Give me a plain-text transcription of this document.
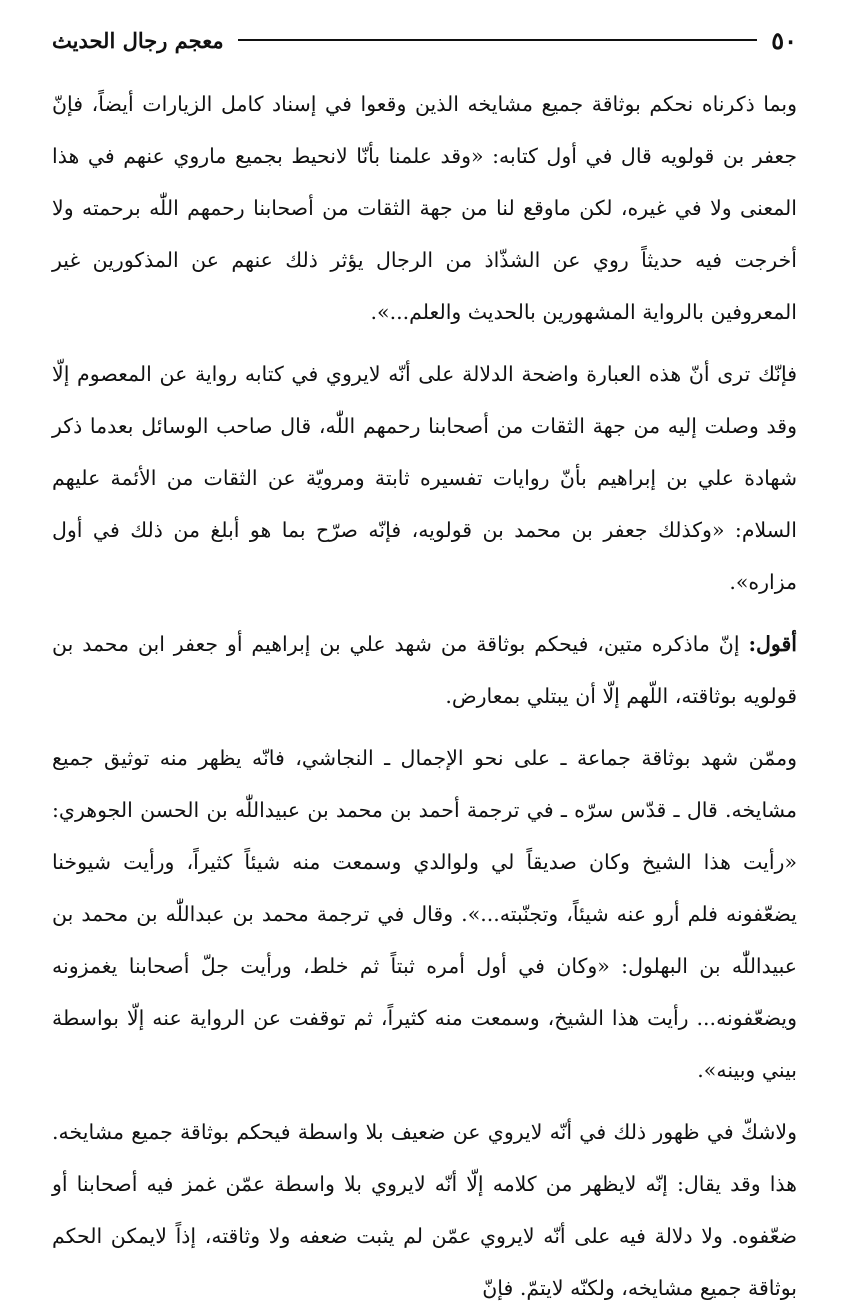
٥٠
معجم رجال الحديث

وبما ذكرناه نحكم بوثاقة جميع مشايخه الذين وقعوا في إسناد كامل الزيارات أيضاً، فإنّ جعفر بن قولويه قال في أول كتابه: «وقد علمنا بأنّا لانحيط بجميع ماروي عنهم في هذا المعنى ولا في غيره، لكن ماوقع لنا من جهة الثقات من أصحابنا رحمهم اللّٰه برحمته ولا أخرجت فيه حديثاً روي عن الشذّاذ من الرجال يؤثر ذلك عنهم عن المذكورين غير المعروفين بالرواية المشهورين بالحديث والعلم...».

فإنّك ترى أنّ هذه العبارة واضحة الدلالة على أنّه لايروي في كتابه رواية عن المعصوم إلّا وقد وصلت إليه من جهة الثقات من أصحابنا رحمهم اللّٰه، قال صاحب الوسائل بعدما ذكر شهادة علي بن إبراهيم بأنّ روايات تفسيره ثابتة ومرويّة عن الثقات من الأئمة عليهم السلام: «وكذلك جعفر بن محمد بن قولويه، فإنّه صرّح بما هو أبلغ من ذلك في أول مزاره».

أقول: إنّ ماذكره متين، فيحكم بوثاقة من شهد علي بن إبراهيم أو جعفر ابن محمد بن قولويه بوثاقته، اللّهم إلّا أن يبتلي بمعارض.

وممّن شهد بوثاقة جماعة ـ على نحو الإجمال ـ النجاشي، فانّه يظهر منه توثيق جميع مشايخه. قال ـ قدّس سرّه ـ في ترجمة أحمد بن محمد بن عبيداللّٰه بن الحسن الجوهري: «رأيت هذا الشيخ وكان صديقاً لي ولوالدي وسمعت منه شيئاً كثيراً، ورأيت شيوخنا يضعّفونه فلم أرو عنه شيئاً، وتجنّبته...». وقال في ترجمة محمد بن عبداللّٰه بن محمد بن عبيداللّٰه بن البهلول: «وكان في أول أمره ثبتاً ثم خلط، ورأيت جلّ أصحابنا يغمزونه ويضعّفونه... رأيت هذا الشيخ، وسمعت منه كثيراً، ثم توقفت عن الرواية عنه إلّا بواسطة بيني وبينه».

ولاشكّ في ظهور ذلك في أنّه لايروي عن ضعيف بلا واسطة فيحكم بوثاقة جميع مشايخه. هذا وقد يقال: إنّه لايظهر من كلامه إلّا أنّه لايروي بلا واسطة عمّن غمز فيه أصحابنا أو ضعّفوه. ولا دلالة فيه على أنّه لايروي عمّن لم يثبت ضعفه ولا وثاقته، إذاً لايمكن الحكم بوثاقة جميع مشايخه، ولكنّه لايتمّ. فإنّ
